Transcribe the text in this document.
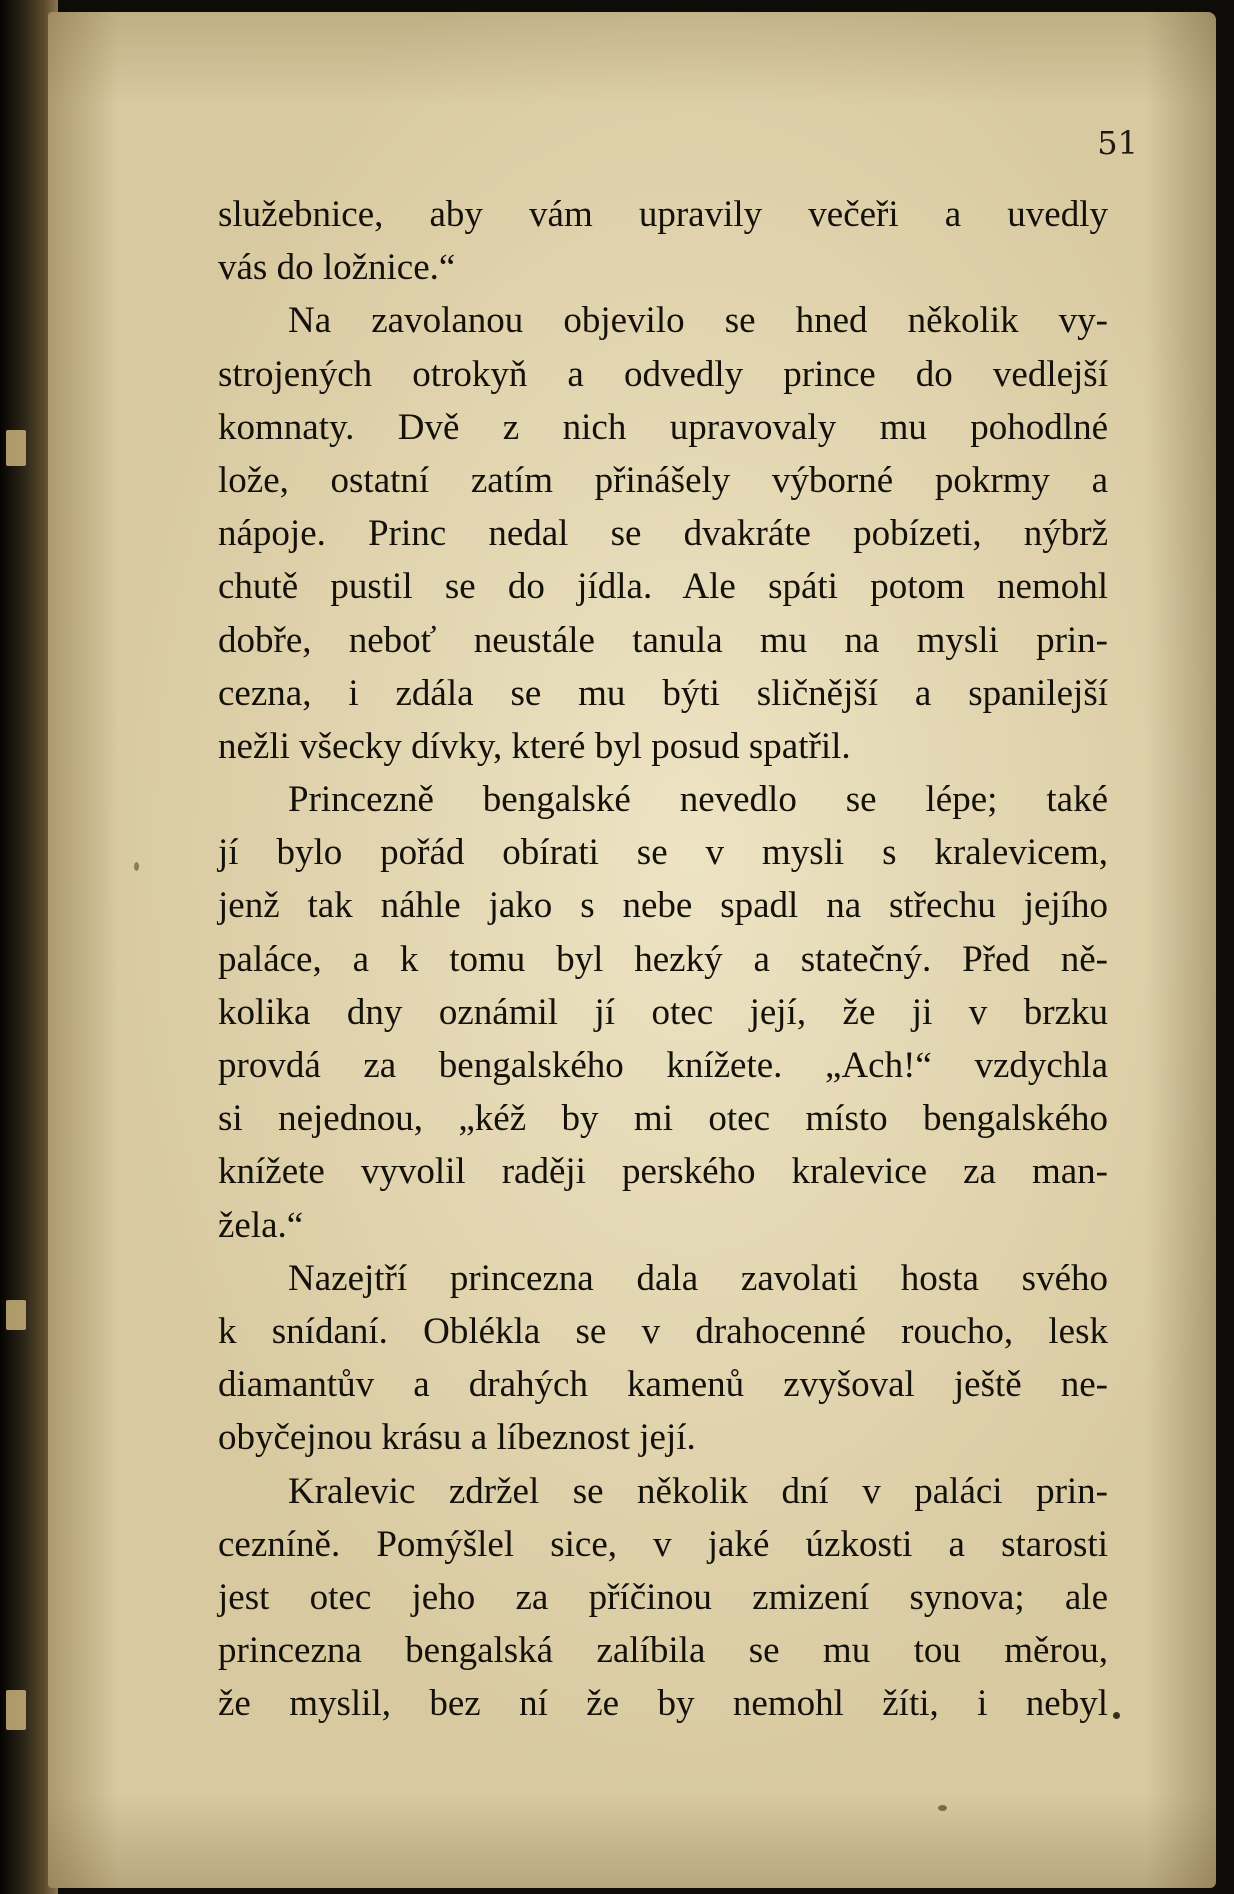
51
služebnice, aby vám upravily večeři a uvedly
vás do ložnice.“
Na zavolanou objevilo se hned několik vy-
strojených otrokyň a odvedly prince do vedlejší
komnaty. Dvě z nich upravovaly mu pohodlné
lože, ostatní zatím přinášely výborné pokrmy a
nápoje. Princ nedal se dvakráte pobízeti, nýbrž
chutě pustil se do jídla. Ale spáti potom nemohl
dobře, neboť neustále tanula mu na mysli prin-
cezna, i zdála se mu býti sličnější a spanilejší
nežli všecky dívky, které byl posud spatřil.
Princezně bengalské nevedlo se lépe; také
jí bylo pořád obírati se v mysli s kralevicem,
jenž tak náhle jako s nebe spadl na střechu jejího
paláce, a k tomu byl hezký a statečný. Před ně-
kolika dny oznámil jí otec její, že ji v brzku
provdá za bengalského knížete. „Ach!“ vzdychla
si nejednou, „kéž by mi otec místo bengalského
knížete vyvolil raději perského kralevice za man-
žela.“
Nazejtří princezna dala zavolati hosta svého
k snídaní. Oblékla se v drahocenné roucho, lesk
diamantův a drahých kamenů zvyšoval ještě ne-
obyčejnou krásu a líbeznost její.
Kralevic zdržel se několik dní v paláci prin-
cezníně. Pomýšlel sice, v jaké úzkosti a starosti
jest otec jeho za příčinou zmizení synova; ale
princezna bengalská zalíbila se mu tou měrou,
že myslil, bez ní že by nemohl žíti, i nebyl
